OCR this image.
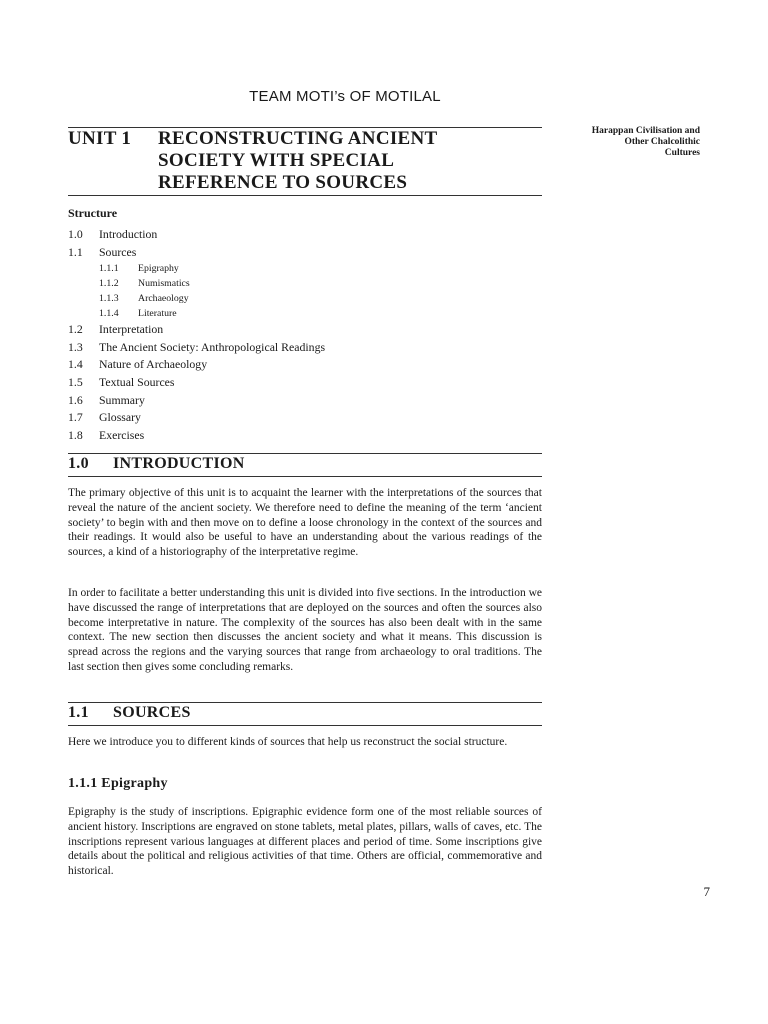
TEAM MOTI’s OF MOTILAL
UNIT 1 RECONSTRUCTING ANCIENT
SOCIETY WITH SPECIAL
REFERENCE TO SOURCES
Harappan Civilisation and
Other Chalcolithic
Cultures
Structure
1.0 Introduction
1.1 Sources
1.1.1 Epigraphy
1.1.2 Numismatics
1.1.3 Archaeology
1.1.4 Literature
1.2 Interpretation
1.3 The Ancient Society: Anthropological Readings
1.4 Nature of Archaeology
1.5 Textual Sources
1.6 Summary
1.7 Glossary
1.8 Exercises
1.0 INTRODUCTION
The primary objective of this unit is to acquaint the learner with the interpretations of the sources that reveal the nature of the ancient society. We therefore need to define the meaning of the term ‘ancient society’ to begin with and then move on to define a loose chronology in the context of the sources and their readings. It would also be useful to have an understanding about the various readings of the sources, a kind of a historiography of the interpretative regime.
In order to facilitate a better understanding this unit is divided into five sections. In the introduction we have discussed the range of interpretations that are deployed on the sources and often the sources also become interpretative in nature. The complexity of the sources has also been dealt with in the same context. The new section then discusses the ancient society and what it means. This discussion is spread across the regions and the varying sources that range from archaeology to oral traditions. The last section then gives some concluding remarks.
1.1 SOURCES
Here we introduce you to different kinds of sources that help us reconstruct the social structure.
1.1.1 Epigraphy
Epigraphy is the study of inscriptions. Epigraphic evidence form one of the most reliable sources of ancient history. Inscriptions are engraved on stone tablets, metal plates, pillars, walls of caves, etc. The inscriptions represent various languages at different places and period of time. Some inscriptions give details about the political and religious activities of that time. Others are official, commemorative and historical.
7
